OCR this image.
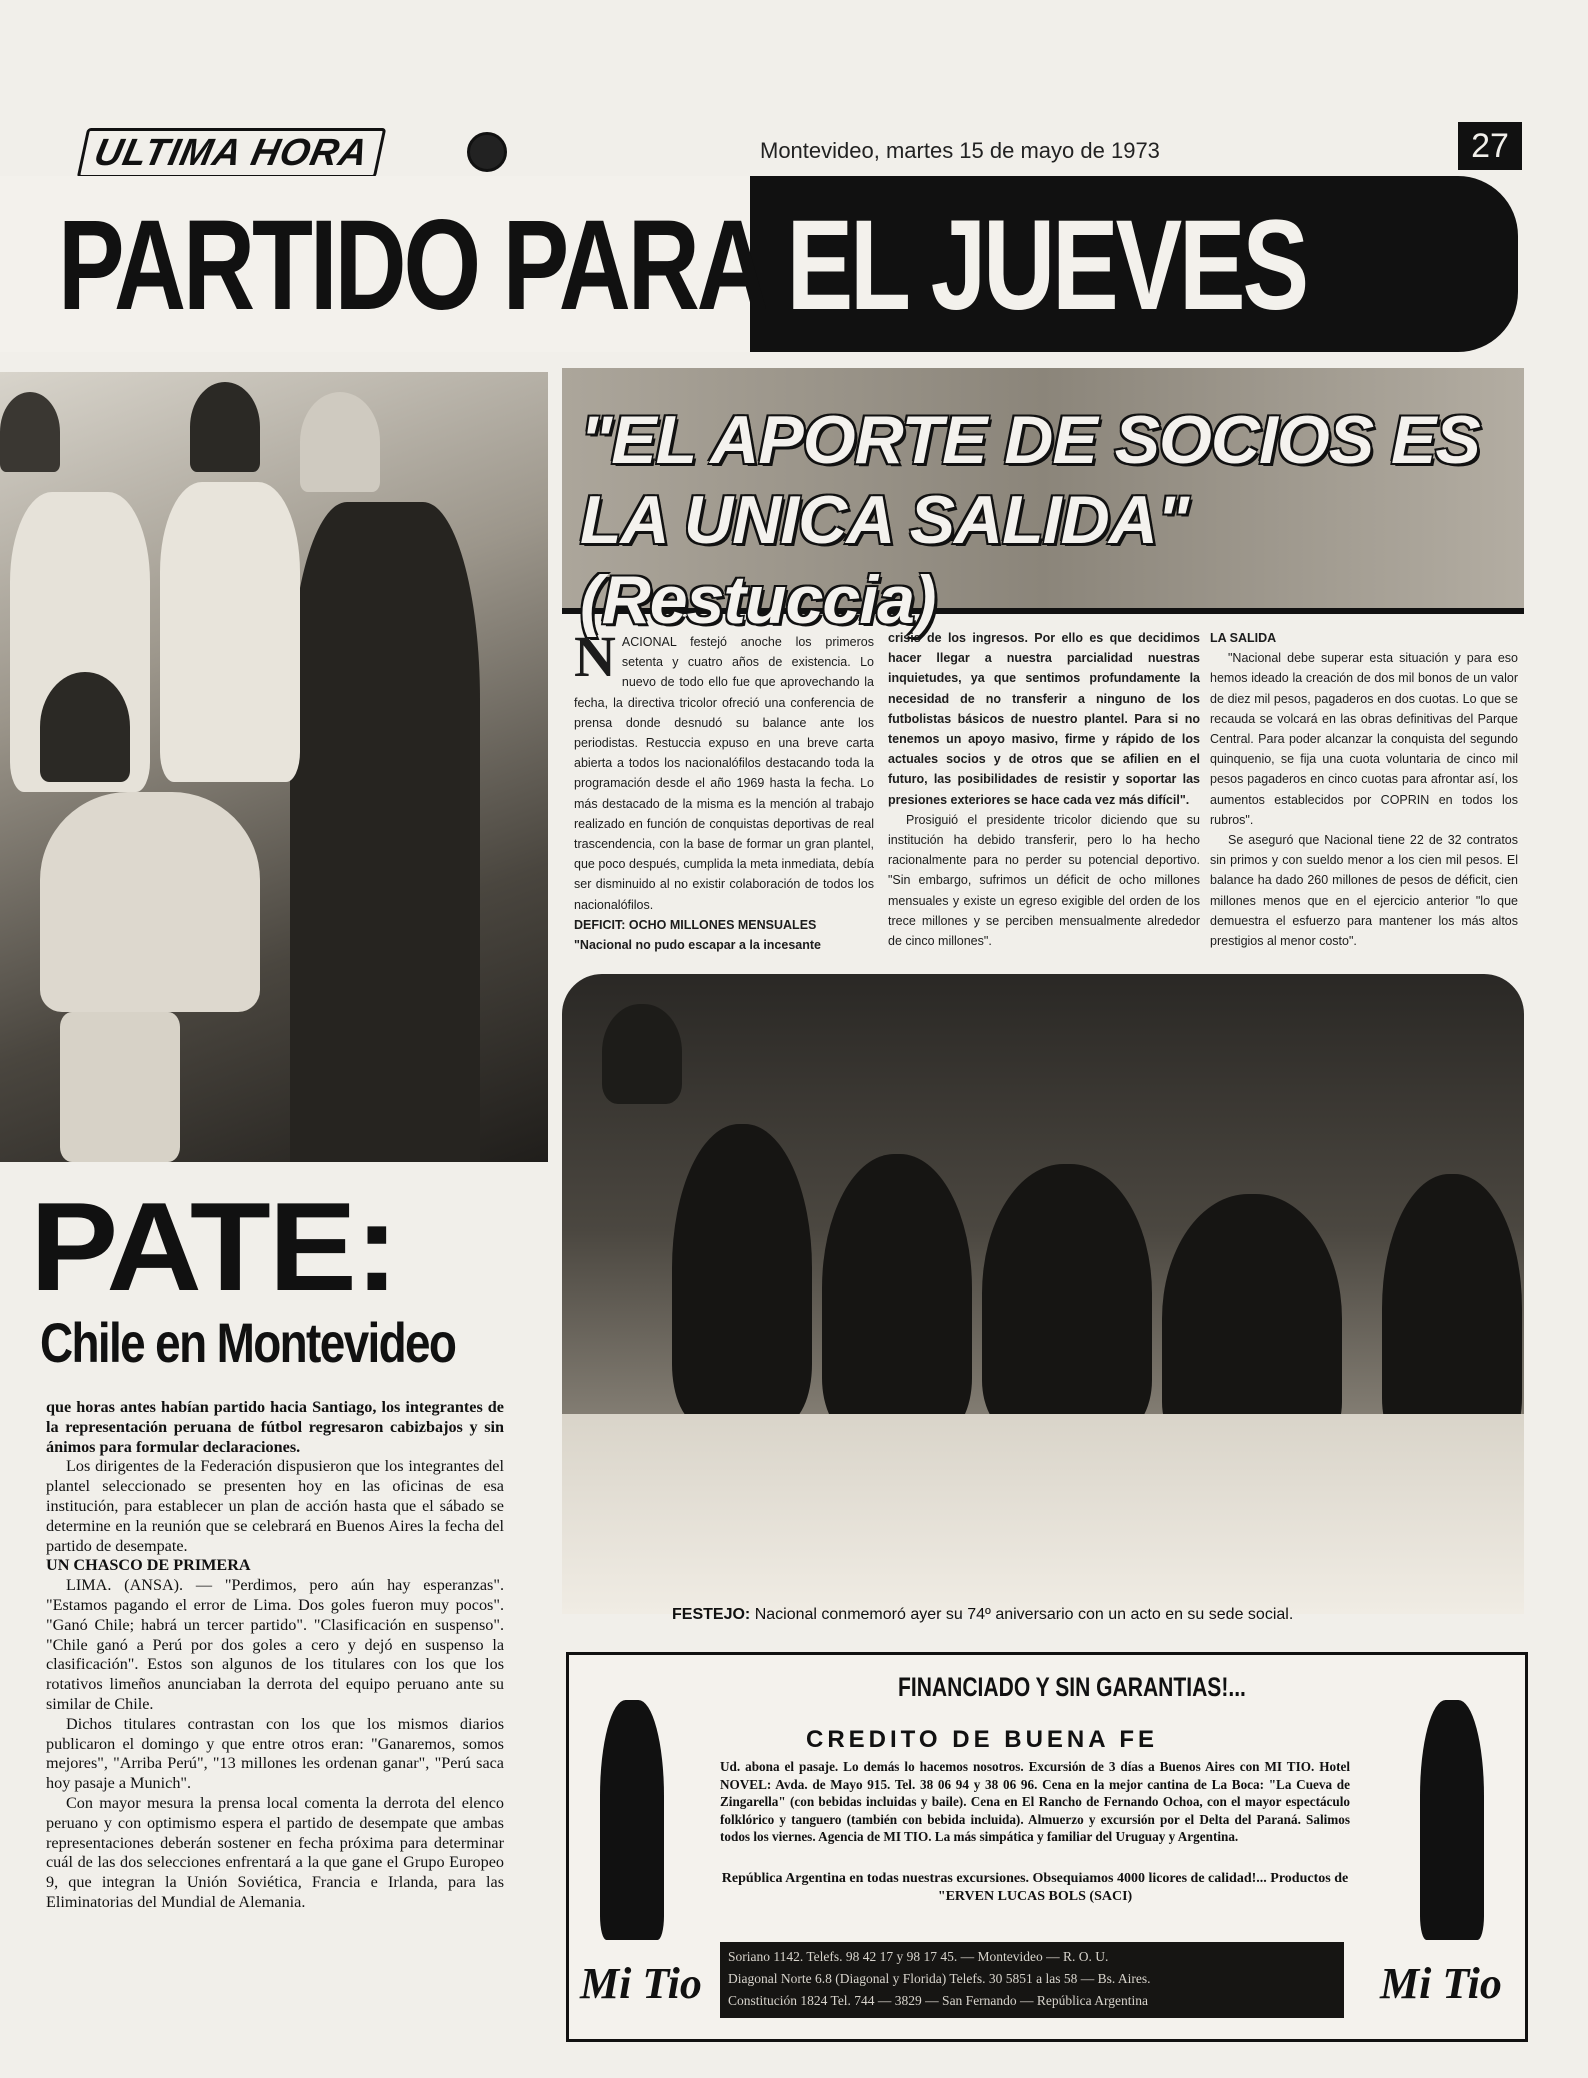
ULTIMA HORA	Montevideo, martes 15 de mayo de 1973	27
PARTIDO PARA EL JUEVES
"EL APORTE DE SOCIOS ES
LA UNICA SALIDA"(Restuccia)

NACIONAL festejó anoche los primeros setenta y cuatro años de existencia. Lo nuevo de todo ello fue que aprovechando la fecha, la directiva tricolor ofreció una conferencia de prensa donde desnudó su balance ante los periodistas. Restuccia expuso en una breve carta abierta a todos los nacionalófilos destacando toda la programación desde el año 1969 hasta la fecha. Lo más destacado de la misma es la mención al trabajo realizado en función de conquistas deportivas de real trascendencia, con la base de formar un gran plantel, que poco después, cumplida la meta inmediata, debía ser disminuido al no existir colaboración de todos los nacionalófilos.

DEFICIT: OCHO MILLONES MENSUALES

"Nacional no pudo escapar a la incesante

crisis de los ingresos. Por ello es que decidimos hacer llegar a nuestra parcialidad nuestras inquietudes, ya que sentimos profundamente la necesidad de no transferir a ninguno de los futbolistas básicos de nuestro plantel. Para si no tenemos un apoyo masivo, firme y rápido de los actuales socios y de otros que se afilien en el futuro, las posibilidades de resistir y soportar las presiones exteriores se hace cada vez más difícil".

Prosiguió el presidente tricolor diciendo que su institución ha debido transferir, pero lo ha hecho racionalmente para no perder su potencial deportivo. "Sin embargo, sufrimos un déficit de ocho millones mensuales y existe un egreso exigible del orden de los trece millones y se perciben mensualmente alrededor de cinco millones".

LA SALIDA

"Nacional debe superar esta situación y para eso hemos ideado la creación de dos mil bonos de un valor de diez mil pesos, pagaderos en dos cuotas. Lo que se recauda se volcará en las obras definitivas del Parque Central. Para poder alcanzar la conquista del segundo quinquenio, se fija una cuota voluntaria de cinco mil pesos pagaderos en cinco cuotas para afrontar así, los aumentos establecidos por COPRIN en todos los rubros".

Se aseguró que Nacional tiene 22 de 32 contratos sin primos y con sueldo menor a los cien mil pesos. El balance ha dado 260 millones de pesos de déficit, cien millones menos que en el ejercicio anterior "lo que demuestra el esfuerzo para mantener los más altos prestigios al menor costo".

FESTEJO: Nacional conmemoró ayer su 74º aniversario con un acto en su sede social.
PATE:
Chile en Montevideo

que horas antes habían partido hacia Santiago, los integrantes de la representación peruana de fútbol regresaron cabizbajos y sin ánimos para formular declaraciones.

Los dirigentes de la Federación dispusieron que los integrantes del plantel seleccionado se presenten hoy en las oficinas de esa institución, para establecer un plan de acción hasta que el sábado se determine en la reunión que se celebrará en Buenos Aires la fecha del partido de desempate.

UN CHASCO DE PRIMERA

LIMA. (ANSA). — "Perdimos, pero aún hay esperanzas". "Estamos pagando el error de Lima. Dos goles fueron muy pocos". "Ganó Chile; habrá un tercer partido". "Clasificación en suspenso". "Chile ganó a Perú por dos goles a cero y dejó en suspenso la clasificación". Estos son algunos de los titulares con los que los rotativos limeños anunciaban la derrota del equipo peruano ante su similar de Chile.

Dichos titulares contrastan con los que los mismos diarios publicaron el domingo y que entre otros eran: "Ganaremos, somos mejores", "Arriba Perú", "13 millones les ordenan ganar", "Perú saca hoy pasaje a Munich".

Con mayor mesura la prensa local comenta la derrota del elenco peruano y con optimismo espera el partido de desempate que ambas representaciones deberán sostener en fecha próxima para determinar cuál de las dos selecciones enfrentará a la que gane el Grupo Europeo 9, que integran la Unión Soviética, Francia e Irlanda, para las Eliminatorias del Mundial de Alemania.

FINANCIADO Y SIN GARANTIAS!...
CREDITO DE BUENA FE
Ud. abona el pasaje. Lo demás lo hacemos nosotros. Excursión de 3 días a Buenos Aires con MI TIO. Hotel NOVEL: Avda. de Mayo 915. Tel. 38 06 94 y 38 06 96. Cena en la mejor cantina de La Boca: "La Cueva de Zingarella" (con bebidas incluidas y baile). Cena en El Rancho de Fernando Ochoa, con el mayor espectáculo folklórico y tanguero (también con bebida incluida). Almuerzo y excursión por el Delta del Paraná. Salimos todos los viernes. Agencia de MI TIO. La más simpática y familiar del Uruguay y Argentina.
República Argentina en todas nuestras excursiones. Obsequiamos 4000 licores de calidad!... Productos de "ERVEN LUCAS BOLS (SACI)
Soriano 1142. Telefs. 98 42 17 y 98 17 45. — Montevideo — R. O. U.
Diagonal Norte 6.8 (Diagonal y Florida) Telefs. 30 5851 a las 58 — Bs. Aires.
Constitución 1824 Tel. 744 — 3829 — San Fernando — República Argentina
Mi Tio	Mi Tio
